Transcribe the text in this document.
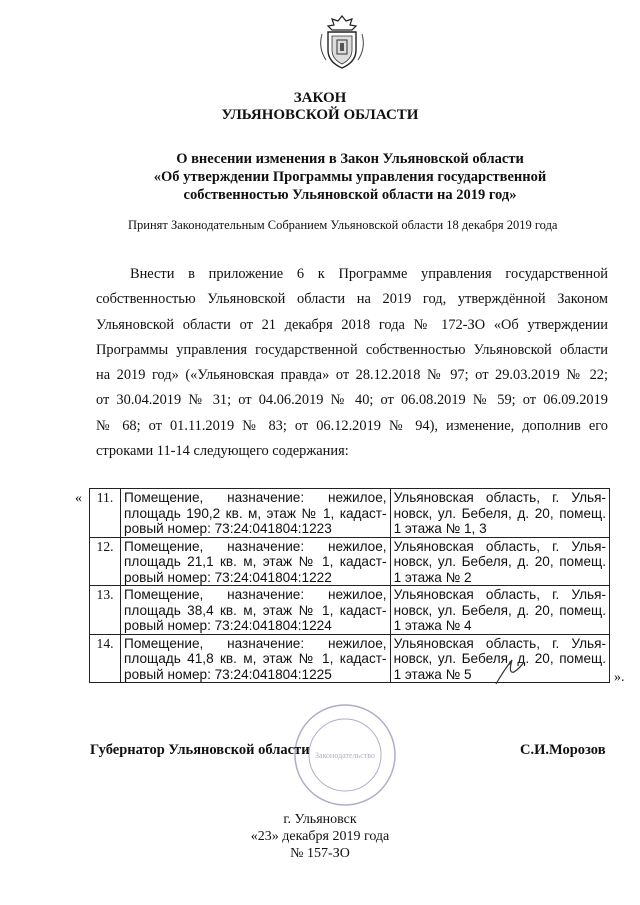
ЗАКОН
УЛЬЯНОВСКОЙ ОБЛАСТИ
О внесении изменения в Закон Ульяновской области
«Об утверждении Программы управления государственной
собственностью Ульяновской области на 2019 год»
Принят Законодательным Собранием Ульяновской области 18 декабря 2019 года
Внести в приложение 6 к Программе управления государственной
собственностью Ульяновской области на 2019 год, утверждённой Законом
Ульяновской области от 21 декабря 2018 года № 172-ЗО «Об утверждении
Программы управления государственной собственностью Ульяновской области
на 2019 год» («Ульяновская правда» от 28.12.2018 № 97; от 29.03.2019 № 22;
от 30.04.2019 № 31; от 04.06.2019 № 40; от 06.08.2019 № 59; от 06.09.2019
№ 68; от 01.11.2019 № 83; от 06.12.2019 № 94), изменение, дополнив его
строками 11-14 следующего содержания:
« 11.	Помещение, назначение: нежилое,
площадь 190,2 кв. м, этаж № 1, кадаст-
ровый номер: 73:24:041804:1223	Ульяновская область, г. Улья-
новск, ул. Бебеля, д. 20, помещ.
1 этажа № 1, 3

12.	Помещение, назначение: нежилое,
площадь 21,1 кв. м, этаж № 1, кадаст-
ровый номер: 73:24:041804:1222	Ульяновская область, г. Улья-
новск, ул. Бебеля, д. 20, помещ.
1 этажа № 2

13.	Помещение, назначение: нежилое,
площадь 38,4 кв. м, этаж № 1, кадаст-
ровый номер: 73:24:041804:1224	Ульяновская область, г. Улья-
новск, ул. Бебеля, д. 20, помещ.
1 этажа № 4

14.	Помещение, назначение: нежилое,
площадь 41,8 кв. м, этаж № 1, кадаст-
ровый номер: 73:24:041804:1225	Ульяновская область, г. Улья-
новск, ул. Бебеля, д. 20, помещ.
1 этажа № 5	».
Законодательство
Губернатор Ульяновской области	С.И.Морозов
г. Ульяновск
«23» декабря 2019 года
№ 157-ЗО
